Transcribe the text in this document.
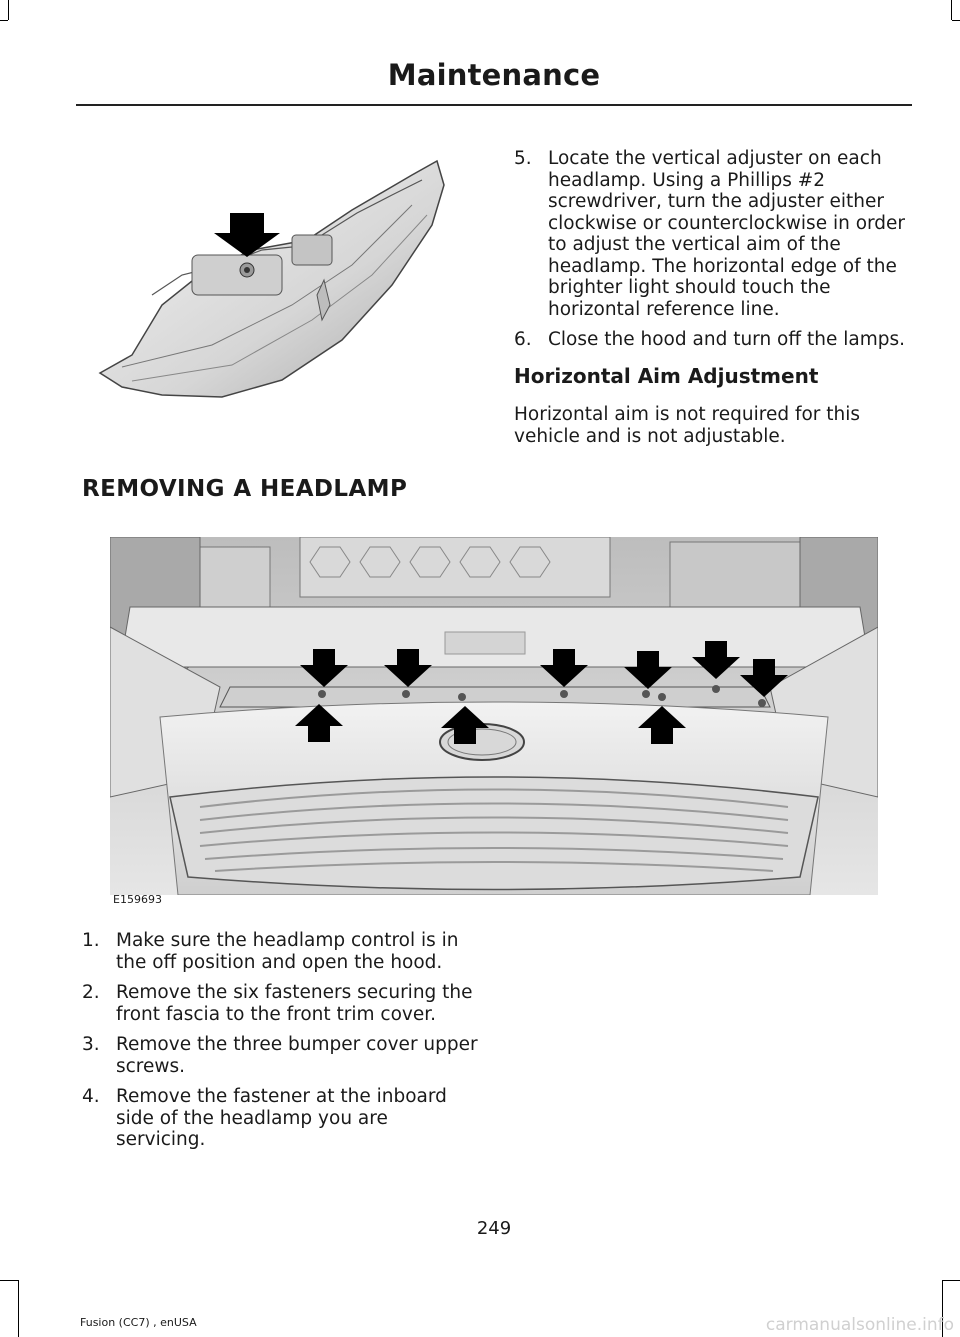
Maintenance
5. Locate the vertical adjuster on each headlamp. Using a Phillips #2 screwdriver, turn the adjuster either clockwise or counterclockwise in order to adjust the vertical aim of the headlamp. The horizontal edge of the brighter light should touch the horizontal reference line.
6. Close the hood and turn off the lamps.
Horizontal Aim Adjustment

Horizontal aim is not required for this vehicle and is not adjustable.

REMOVING A HEADLAMP
E159693
1. Make sure the headlamp control is in the off position and open the hood.
2. Remove the six fasteners securing the front fascia to the front trim cover.
3. Remove the three bumper cover upper screws.
4. Remove the fastener at the inboard side of the headlamp you are servicing.
249
Fusion (CC7) , enUSA	carmanualsonline.info
